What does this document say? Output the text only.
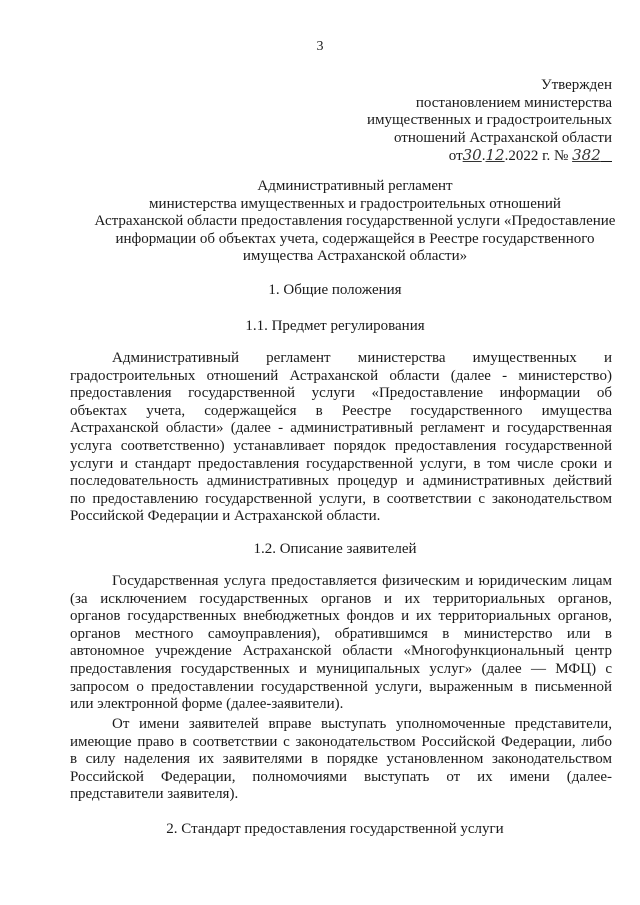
3
Утвержден
постановлением министерства
имущественных и градостроительных
отношений Астраханской области
от30.12.2022 г. № 382
Административный регламент
министерства имущественных и градостроительных отношений
Астраханской области предоставления государственной услуги «Предоставление
информации об объектах учета, содержащейся в Реестре государственного
имущества Астраханской области»
1. Общие положения
1.1. Предмет регулирования
Административный регламент министерства имущественных и
градостроительных отношений Астраханской области (далее - министерство)
предоставления государственной услуги «Предоставление информации об
объектах учета, содержащейся в Реестре государственного имущества
Астраханской области» (далее - административный регламент и государственная
услуга соответственно) устанавливает порядок предоставления государственной
услуги и стандарт предоставления государственной услуги, в том числе сроки и
последовательность административных процедур и административных действий
по предоставлению государственной услуги, в соответствии с законодательством
Российской Федерации и Астраханской области.
1.2. Описание заявителей
Государственная услуга предоставляется физическим и юридическим лицам
(за исключением государственных органов и их территориальных органов,
органов государственных внебюджетных фондов и их территориальных органов,
органов местного самоуправления), обратившимся в министерство или в
автономное учреждение Астраханской области «Многофункциональный центр
предоставления государственных и муниципальных услуг» (далее — МФЦ) с
запросом о предоставлении государственной услуги, выраженным в письменной
или электронной форме (далее-заявители).
От имени заявителей вправе выступать уполномоченные представители,
имеющие право в соответствии с законодательством Российской Федерации, либо
в силу наделения их заявителями в порядке установленном законодательством
Российской Федерации, полномочиями выступать от их имени (далее-
представители заявителя).
2. Стандарт предоставления государственной услуги
